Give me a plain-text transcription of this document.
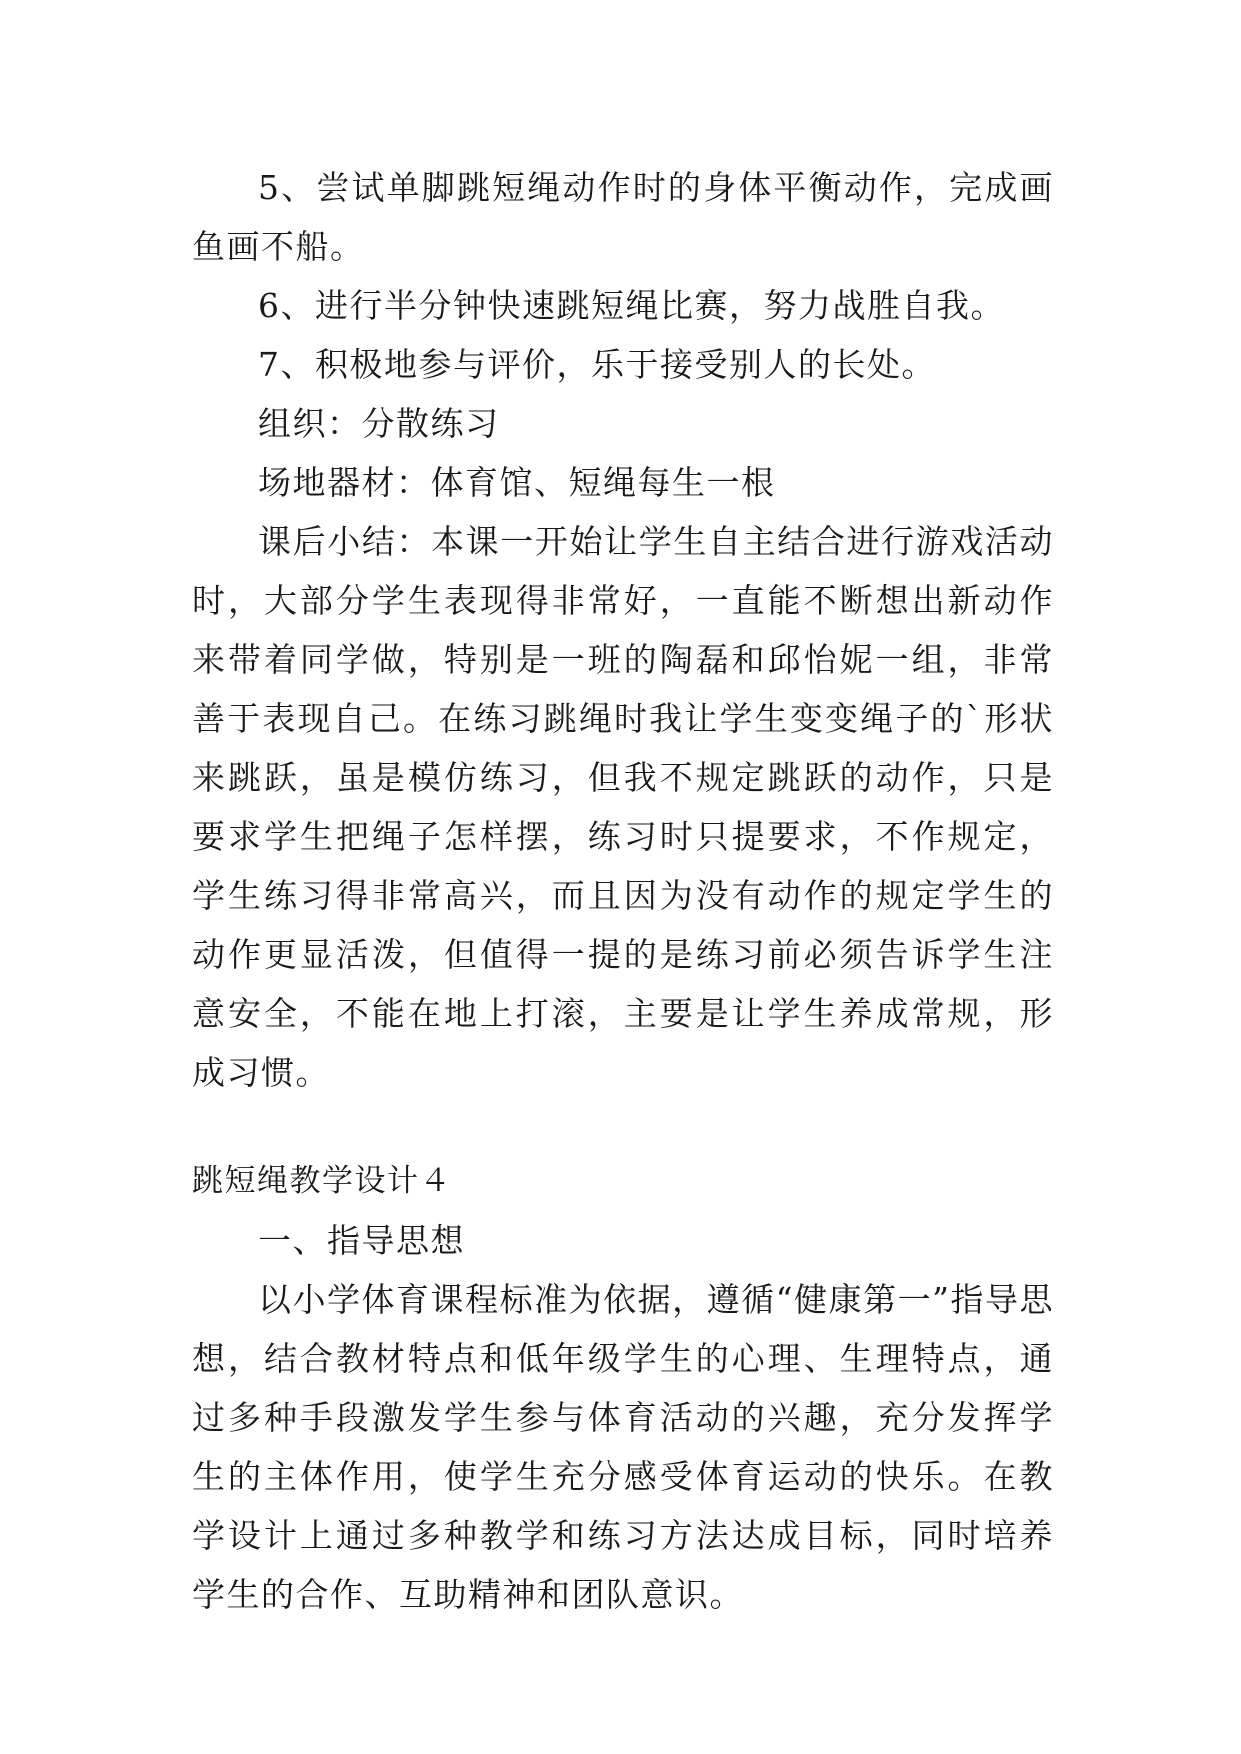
5、尝试单脚跳短绳动作时的身体平衡动作，完成画鱼画不船。

6、进行半分钟快速跳短绳比赛，努力战胜自我。

7、积极地参与评价，乐于接受别人的长处。

组织：分散练习

场地器材：体育馆、短绳每生一根

课后小结：本课一开始让学生自主结合进行游戏活动时，大部分学生表现得非常好，一直能不断想出新动作来带着同学做，特别是一班的陶磊和邱怡妮一组，非常善于表现自己。在练习跳绳时我让学生变变绳子的`形状来跳跃，虽是模仿练习，但我不规定跳跃的动作，只是要求学生把绳子怎样摆，练习时只提要求，不作规定，学生练习得非常高兴，而且因为没有动作的规定学生的动作更显活泼，但值得一提的是练习前必须告诉学生注意安全，不能在地上打滚，主要是让学生养成常规，形成习惯。

跳短绳教学设计４
一、指导思想

以小学体育课程标准为依据，遵循“健康第一”指导思想，结合教材特点和低年级学生的心理、生理特点，通过多种手段激发学生参与体育活动的兴趣，充分发挥学生的主体作用，使学生充分感受体育运动的快乐。在教学设计上通过多种教学和练习方法达成目标，同时培养学生的合作、互助精神和团队意识。
